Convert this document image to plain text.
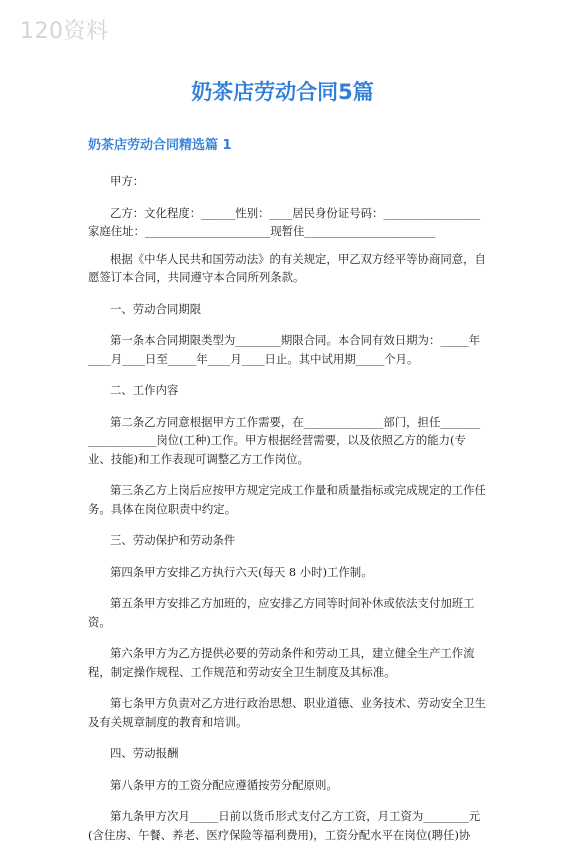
120资料
奶茶店劳动合同5篇
奶茶店劳动合同精选篇 1

甲方：

乙方：文化程度：______性别：____居民身份证号码：_________________
家庭住址：______________________现暂住_______________________

根据《中华人民共和国劳动法》的有关规定，甲乙双方经平等协商同意，自愿签订本合同，共同遵守本合同所列条款。

一、劳动合同期限

第一条本合同期限类型为________期限合同。本合同有效日期为：_____年____月____日至_____年____月____日止。其中试用期_____个月。

二、工作内容

第二条乙方同意根据甲方工作需要，在______________部门，担任_______ ____________岗位(工种)工作。甲方根据经营需要，以及依照乙方的能力(专业、技能)和工作表现可调整乙方工作岗位。

第三条乙方上岗后应按甲方规定完成工作量和质量指标或完成规定的工作任务。具体在岗位职责中约定。

三、劳动保护和劳动条件

第四条甲方安排乙方执行六天(每天 8 小时)工作制。

第五条甲方安排乙方加班的，应安排乙方同等时间补休或依法支付加班工资。

第六条甲方为乙方提供必要的劳动条件和劳动工具，建立健全生产工作流程，制定操作规程、工作规范和劳动安全卫生制度及其标准。

第七条甲方负责对乙方进行政治思想、职业道德、业务技术、劳动安全卫生及有关规章制度的教育和培训。

四、劳动报酬

第八条甲方的工资分配应遵循按劳分配原则。

第九条甲方次月_____日前以货币形式支付乙方工资，月工资为________元(含住房、午餐、养老、医疗保险等福利费用)，工资分配水平在岗位(聘任)协
